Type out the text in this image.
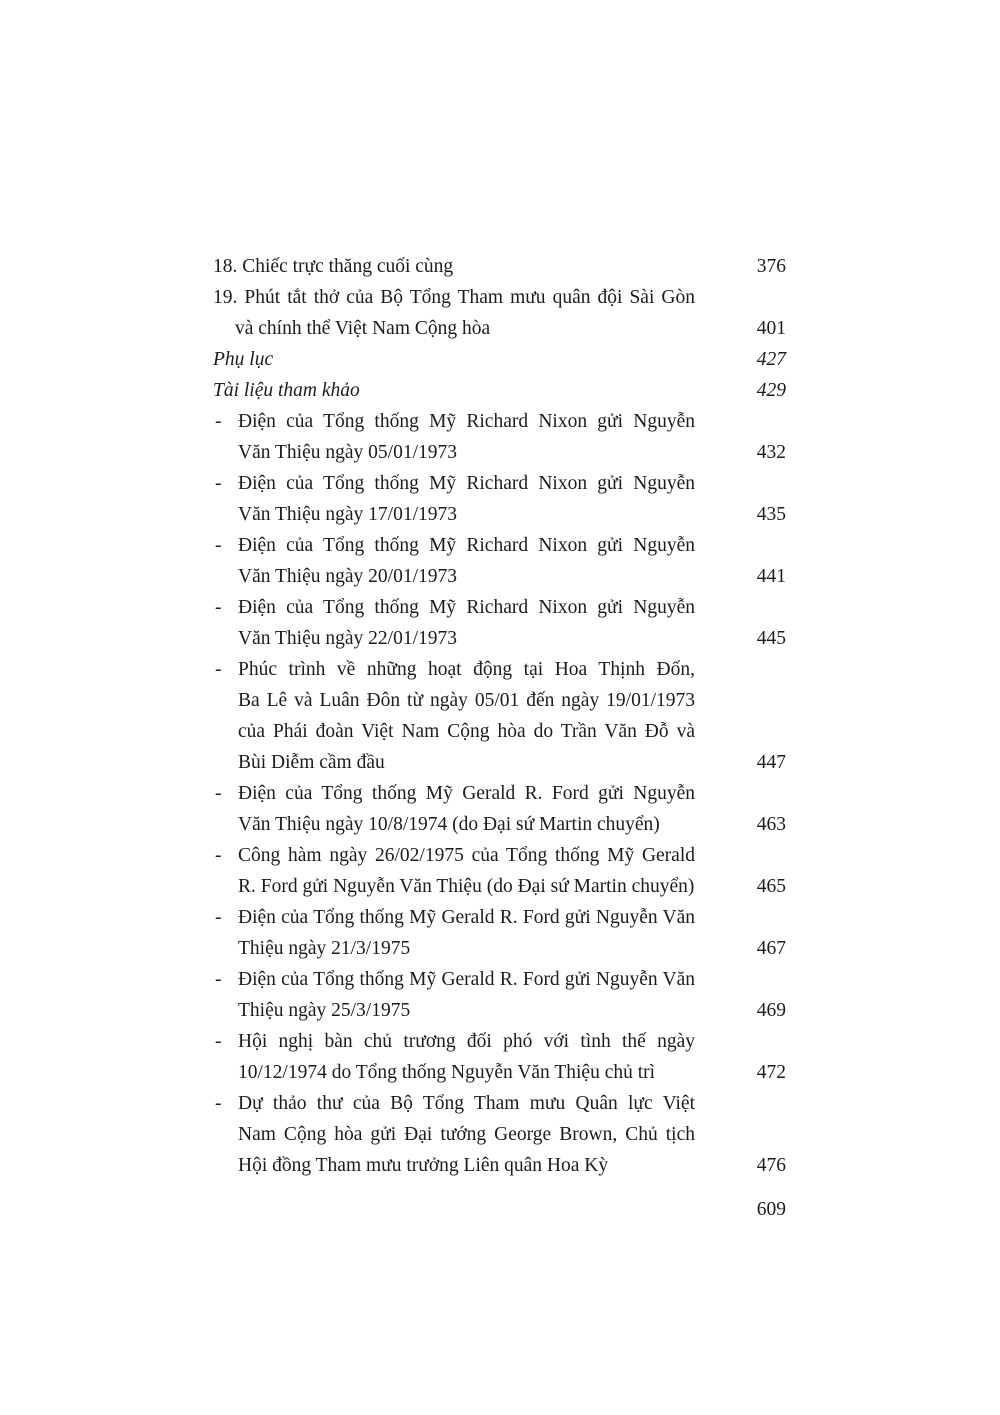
18. Chiếc trực thăng cuối cùng	376
19. Phút tắt thở của Bộ Tổng Tham mưu quân đội Sài Gòn
và chính thể Việt Nam Cộng hòa	401
Phụ lục	427
Tài liệu tham khảo	429
- Điện của Tổng thống Mỹ Richard Nixon gửi Nguyễn
Văn Thiệu ngày 05/01/1973	432
- Điện của Tổng thống Mỹ Richard Nixon gửi Nguyễn
Văn Thiệu ngày 17/01/1973	435
- Điện của Tổng thống Mỹ Richard Nixon gửi Nguyễn
Văn Thiệu ngày 20/01/1973	441
- Điện của Tổng thống Mỹ Richard Nixon gửi Nguyễn
Văn Thiệu ngày 22/01/1973	445
- Phúc trình về những hoạt động tại Hoa Thịnh Đốn,
Ba Lê và Luân Đôn từ ngày 05/01 đến ngày 19/01/1973
của Phái đoàn Việt Nam Cộng hòa do Trần Văn Đỗ và
Bùi Diễm cầm đầu	447
- Điện của Tổng thống Mỹ Gerald R. Ford gửi Nguyễn
Văn Thiệu ngày 10/8/1974 (do Đại sứ Martin chuyển)	463
- Công hàm ngày 26/02/1975 của Tổng thống Mỹ Gerald
R. Ford gửi Nguyễn Văn Thiệu (do Đại sứ Martin chuyển)	465
- Điện của Tổng thống Mỹ Gerald R. Ford gửi Nguyễn Văn
Thiệu ngày 21/3/1975	467
- Điện của Tổng thống Mỹ Gerald R. Ford gửi Nguyễn Văn
Thiệu ngày 25/3/1975	469
- Hội nghị bàn chủ trương đối phó với tình thế ngày
10/12/1974 do Tổng thống Nguyễn Văn Thiệu chủ trì	472
- Dự thảo thư của Bộ Tổng Tham mưu Quân lực Việt
Nam Cộng hòa gửi Đại tướng George Brown, Chủ tịch
Hội đồng Tham mưu trưởng Liên quân Hoa Kỳ	476
609
